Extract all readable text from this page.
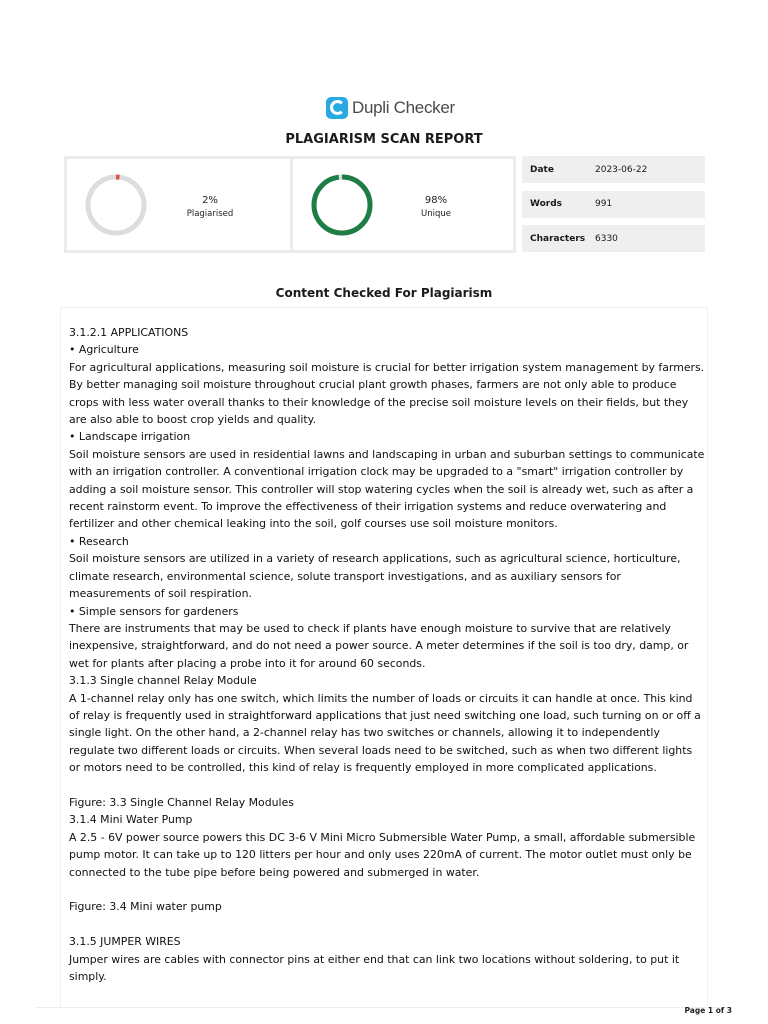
Dupli Checker
PLAGIARISM SCAN REPORT
2%
Plagiarised
98%
Unique
Date	2023-06-22
Words	991
Characters	6330
Content Checked For Plagiarism
3.1.2.1 APPLICATIONS
• Agriculture
For agricultural applications, measuring soil moisture is crucial for better irrigation system management by farmers. By better managing soil moisture throughout crucial plant growth phases, farmers are not only able to produce crops with less water overall thanks to their knowledge of the precise soil moisture levels on their fields, but they are also able to boost crop yields and quality.
• Landscape irrigation
Soil moisture sensors are used in residential lawns and landscaping in urban and suburban settings to communicate with an irrigation controller. A conventional irrigation clock may be upgraded to a "smart" irrigation controller by adding a soil moisture sensor. This controller will stop watering cycles when the soil is already wet, such as after a recent rainstorm event. To improve the effectiveness of their irrigation systems and reduce overwatering and fertilizer and other chemical leaking into the soil, golf courses use soil moisture monitors.
• Research
Soil moisture sensors are utilized in a variety of research applications, such as agricultural science, horticulture, climate research, environmental science, solute transport investigations, and as auxiliary sensors for measurements of soil respiration.
• Simple sensors for gardeners
There are instruments that may be used to check if plants have enough moisture to survive that are relatively inexpensive, straightforward, and do not need a power source. A meter determines if the soil is too dry, damp, or wet for plants after placing a probe into it for around 60 seconds.
3.1.3 Single channel Relay Module
A 1-channel relay only has one switch, which limits the number of loads or circuits it can handle at once. This kind of relay is frequently used in straightforward applications that just need switching one load, such turning on or off a single light. On the other hand, a 2-channel relay has two switches or channels, allowing it to independently regulate two different loads or circuits. When several loads need to be switched, such as when two different lights or motors need to be controlled, this kind of relay is frequently employed in more complicated applications.

Figure: 3.3 Single Channel Relay Modules
3.1.4 Mini Water Pump
A 2.5 - 6V power source powers this DC 3-6 V Mini Micro Submersible Water Pump, a small, affordable submersible pump motor. It can take up to 120 litters per hour and only uses 220mA of current. The motor outlet must only be connected to the tube pipe before being powered and submerged in water.

Figure: 3.4 Mini water pump

3.1.5 JUMPER WIRES
Jumper wires are cables with connector pins at either end that can link two locations without soldering, to put it simply.
Page 1 of 3
